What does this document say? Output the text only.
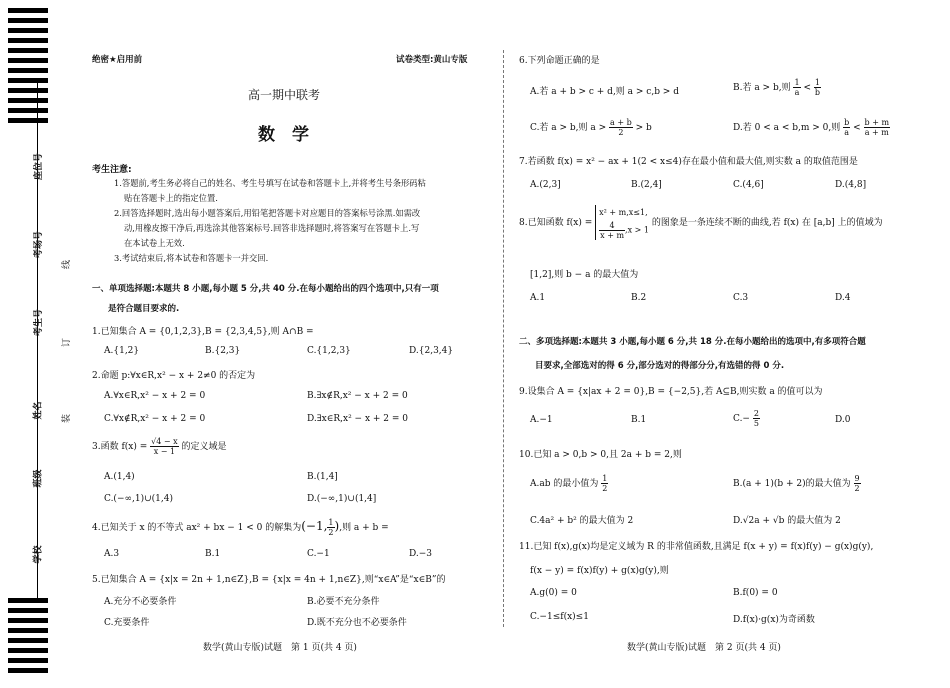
座位号
考场号
考生号
姓名
班级
学校
线
订
装
绝密★启用前	试卷类型:黄山专版
高一期中联考
数　学
考生注意:
1.答题前,考生务必将自己的姓名、考生号填写在试卷和答题卡上,并将考生号条形码粘
贴在答题卡上的指定位置.
2.回答选择题时,选出每小题答案后,用铅笔把答题卡对应题目的答案标号涂黑.如需改
动,用橡皮擦干净后,再选涂其他答案标号.回答非选择题时,将答案写在答题卡上.写
在本试卷上无效.
3.考试结束后,将本试卷和答题卡一并交回.
一、单项选择题:本题共 8 小题,每小题 5 分,共 40 分.在每小题给出的四个选项中,只有一项
是符合题目要求的.
1.已知集合 A = {0,1,2,3},B = {2,3,4,5},则 A∩B =
A.{1,2}	B.{2,3}	C.{1,2,3}	D.{2,3,4}
2.命题 p:∀x∈R,x² − x + 2≠0 的否定为
A.∀x∈R,x² − x + 2 = 0	B.∃x∉R,x² − x + 2 = 0
C.∀x∉R,x² − x + 2 = 0	D.∃x∈R,x² − x + 2 = 0
3.函数 $f(x) = \frac{√4 - x}{x - 1}$ 的定义域是
A.(1,4)	B.(1,4]
C.(−∞,1)∪(1,4)	D.(−∞,1)∪(1,4]
4.已知关于 x 的不等式 ax² + bx − 1 < 0 的解集为(−1, $\frac{1}{2}$ ),则 a + b =
A.3	B.1	C.−1	D.−3
5.已知集合 A = {x|x = 2n + 1,n∈Z},B = {x|x = 4n + 1,n∈Z},则“x∈A”是“x∈B”的
A.充分不必要条件	B.必要不充分条件
C.充要条件	D.既不充分也不必要条件
数学(黄山专版)试题　第 1 页(共 4 页)
6.下列命题正确的是
A.若 a + b > c + d,则 a > c,b > d	B.若 a > b,则 $\frac{1}{a} < \frac{1}{b}$
C.若 a > b,则 $a > \frac{a + b}{2} > b$	D.若 0 < a < b,m > 0,则 $\frac{b}{a} < \frac{b + m}{a + m}$
7.若函数 f(x) = x² − ax + 1(2 < x≤4)存在最小值和最大值,则实数 a 的取值范围是
A.(2,3]	B.(2,4]	C.(4,6]	D.(4,8]
8.已知函数 f(x) =
x² + m,x≤1,
$\frac{4}{x + m} ,x > 1$
的图象是一条连续不断的曲线,若 f(x) 在 [a,b] 上的值域为
[1,2],则 b − a 的最大值为
A.1	B.2	C.3	D.4
二、多项选择题:本题共 3 小题,每小题 6 分,共 18 分.在每小题给出的选项中,有多项符合题
目要求,全部选对的得 6 分,部分选对的得部分分,有选错的得 0 分.
9.设集合 A = {x|ax + 2 = 0},B = {−2,5},若 A⊆B,则实数 a 的值可以为
A.−1	B.1	$C.- \frac{2}{5}$	D.0
10.已知 a > 0,b > 0,且 2a + b = 2,则
A.ab 的最小值为 $\frac{1}{2}$	B.(a + 1)(b + 2)的最大值为 $\frac{9}{2}$
C.4a² + b² 的最大值为 2	D.√2a + √b 的最大值为 2
11.已知 f(x),g(x)均是定义域为 R 的非常值函数,且满足 f(x + y) = f(x)f(y) − g(x)g(y),
f(x − y) = f(x)f(y) + g(x)g(y),则
A.g(0) = 0	B.f(0) = 0
C.−1≤f(x)≤1	D.f(x)·g(x)为奇函数
数学(黄山专版)试题　第 2 页(共 4 页)
